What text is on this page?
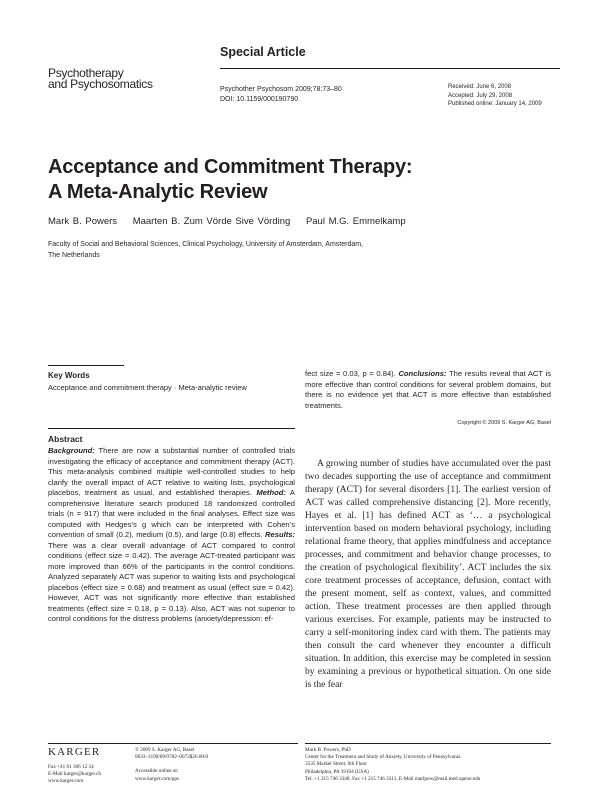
Special Article
Psychotherapy
and Psychosomatics	Psychother Psychosom 2009;78:73–80
DOI: 10.1159/000190790
Received: June 6, 2008
Accepted: July 29, 2008
Published online: January 14, 2009
Acceptance and Commitment Therapy:
A Meta-Analytic Review
Mark B. Powers Maarten B. Zum Vörde Sive Vörding Paul M.G. Emmelkamp
Faculty of Social and Behavioral Sciences, Clinical Psychology, University of Amsterdam, Amsterdam,
The Netherlands
Key Words
Acceptance and commitment therapy · Meta-analytic review
Abstract
Background: There are now a substantial number of controlled trials investigating the efficacy of acceptance and commitment therapy (ACT). This meta-analysis combined multiple well-controlled studies to help clarify the overall impact of ACT relative to waiting lists, psychological placebos, treatment as usual, and established therapies. Method: A comprehensive literature search produced 18 randomized controlled trials (n = 917) that were included in the final analyses. Effect size was computed with Hedges’s g which can be interpreted with Cohen’s convention of small (0.2), medium (0.5), and large (0.8) effects. Results: There was a clear overall advantage of ACT compared to control conditions (effect size = 0.42). The average ACT-treated participant was more improved than 66% of the participants in the control conditions. Analyzed separately ACT was superior to waiting lists and psychological placebos (effect size = 0.68) and treatment as usual (effect size = 0.42). However, ACT was not significantly more effective than established treatments (effect size = 0.18, p = 0.13). Also, ACT was not superior to control conditions for the distress problems (anxiety/depression: ef-
fect size = 0.03, p = 0.84). Conclusions: The results reveal that ACT is more effective than control conditions for several problem domains, but there is no evidence yet that ACT is more effective than established treatments.
Copyright © 2009 S. Karger AG, Basel

A growing number of studies have accumulated over the past two decades supporting the use of acceptance and commitment therapy (ACT) for several disorders [1]. The earliest version of ACT was called comprehensive distancing [2]. More recently, Hayes et al. [1] has defined ACT as ‘… a psychological intervention based on modern behavioral psychology, including relational frame theory, that applies mindfulness and acceptance processes, and commitment and behavior change processes, to the creation of psychological flexibility’. ACT includes the six core treatment processes of acceptance, defusion, contact with the present moment, self as context, values, and committed action. These treatment processes are then applied through various exercises. For example, patients may be instructed to carry a self-monitoring index card with them. The patients may then consult the card whenever they encounter a difficult situation. In addition, this exercise may be completed in session by examining a previous or hypothetical situation. On one side is the fear

KARGER
Fax +41 61 306 12 34
E-Mail karger@karger.ch
www.karger.com
© 2009 S. Karger AG, Basel
0033–3190/09/0782–0073$26.00/0
Accessible online at:
www.karger.com/pps
Mark B. Powers, PhD
Center for the Treatment and Study of Anxiety, University of Pennsylvania
3535 Market Street, 6th Floor
Philadelphia, PA 19104 (USA)
Tel. +1 215 746 3348, Fax +1 215 746 3311, E-Mail marlpow@mail.med.upenn.edu
